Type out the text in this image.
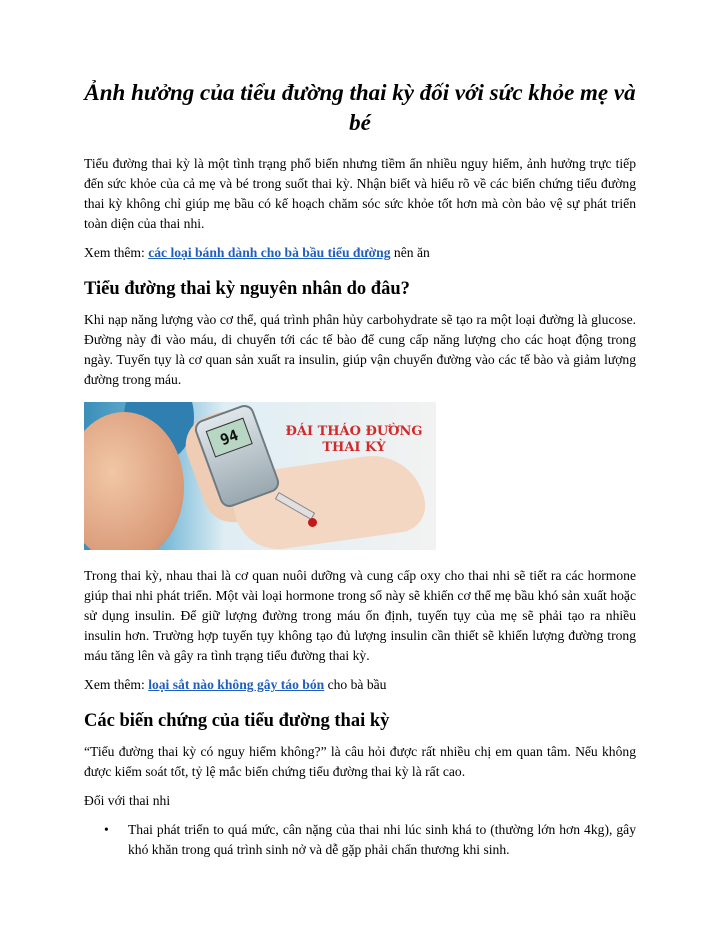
Ảnh hưởng của tiểu đường thai kỳ đối với sức khỏe mẹ và bé

Tiểu đường thai kỳ là một tình trạng phổ biến nhưng tiềm ẩn nhiều nguy hiểm, ảnh hưởng trực tiếp đến sức khỏe của cả mẹ và bé trong suốt thai kỳ. Nhận biết và hiểu rõ về các biến chứng tiểu đường thai kỳ không chỉ giúp mẹ bầu có kế hoạch chăm sóc sức khỏe tốt hơn mà còn bảo vệ sự phát triển toàn diện của thai nhi.

Xem thêm: các loại bánh dành cho bà bầu tiểu đường nên ăn

Tiểu đường thai kỳ nguyên nhân do đâu?

Khi nạp năng lượng vào cơ thể, quá trình phân hủy carbohydrate sẽ tạo ra một loại đường là glucose. Đường này đi vào máu, di chuyển tới các tế bào để cung cấp năng lượng cho các hoạt động trong ngày. Tuyến tụy là cơ quan sản xuất ra insulin, giúp vận chuyển đường vào các tế bào và giảm lượng đường trong máu.

94	ĐÁI THÁO ĐƯỜNG
THAI KỲ

Trong thai kỳ, nhau thai là cơ quan nuôi dưỡng và cung cấp oxy cho thai nhi sẽ tiết ra các hormone giúp thai nhi phát triển. Một vài loại hormone trong số này sẽ khiến cơ thể mẹ bầu khó sản xuất hoặc sử dụng insulin. Để giữ lượng đường trong máu ổn định, tuyến tụy của mẹ sẽ phải tạo ra nhiều insulin hơn. Trường hợp tuyến tụy không tạo đủ lượng insulin cần thiết sẽ khiến lượng đường trong máu tăng lên và gây ra tình trạng tiểu đường thai kỳ.

Xem thêm: loại sắt nào không gây táo bón cho bà bầu

Các biến chứng của tiểu đường thai kỳ

“Tiểu đường thai kỳ có nguy hiểm không?” là câu hỏi được rất nhiều chị em quan tâm. Nếu không được kiểm soát tốt, tỷ lệ mắc biến chứng tiểu đường thai kỳ là rất cao.

Đối với thai nhi

• Thai phát triển to quá mức, cân nặng của thai nhi lúc sinh khá to (thường lớn hơn 4kg), gây khó khăn trong quá trình sinh nở và dễ gặp phải chấn thương khi sinh.
